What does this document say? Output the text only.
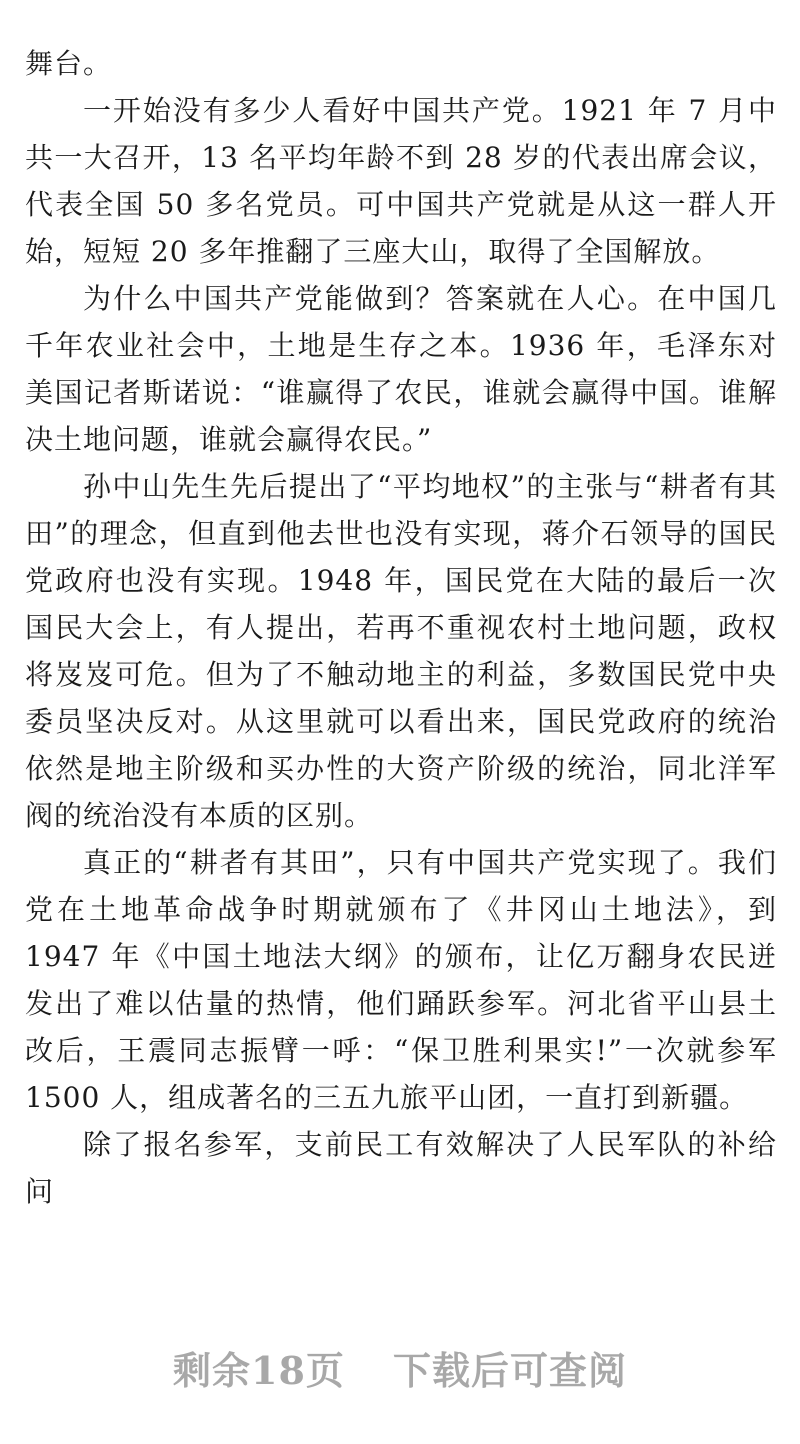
舞台。

一开始没有多少人看好中国共产党。1921 年 7 月中共一大召开，13 名平均年龄不到 28 岁的代表出席会议，代表全国 50 多名党员。可中国共产党就是从这一群人开始，短短 20 多年推翻了三座大山，取得了全国解放。

为什么中国共产党能做到？答案就在人心。在中国几千年农业社会中，土地是生存之本。1936 年，毛泽东对美国记者斯诺说：“谁赢得了农民，谁就会赢得中国。谁解决土地问题，谁就会赢得农民。”

孙中山先生先后提出了“平均地权”的主张与“耕者有其田”的理念，但直到他去世也没有实现，蒋介石领导的国民党政府也没有实现。1948 年，国民党在大陆的最后一次国民大会上，有人提出，若再不重视农村土地问题，政权将岌岌可危。但为了不触动地主的利益，多数国民党中央委员坚决反对。从这里就可以看出来，国民党政府的统治依然是地主阶级和买办性的大资产阶级的统治，同北洋军阀的统治没有本质的区别。

真正的“耕者有其田”，只有中国共产党实现了。我们党在土地革命战争时期就颁布了《井冈山土地法》，到 1947 年《中国土地法大纲》的颁布，让亿万翻身农民迸发出了难以估量的热情，他们踊跃参军。河北省平山县土改后，王震同志振臂一呼：“保卫胜利果实!”一次就参军 1500 人，组成著名的三五九旅平山团，一直打到新疆。

除了报名参军，支前民工有效解决了人民军队的补给问

剩余18页 下载后可查阅
